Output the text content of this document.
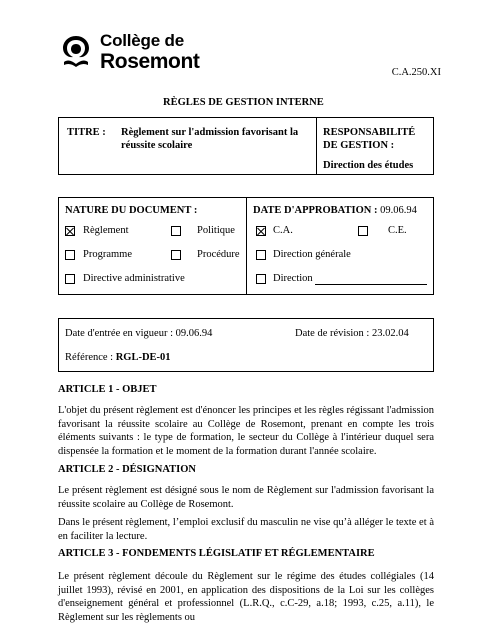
Collège de
Rosemont	C.A.250.XI
RÈGLES DE GESTION INTERNE
TITRE : Règlement sur l'admission favorisant la
réussite scolaire
RESPONSABILITÉ
DE GESTION :
Direction des études
NATURE DU DOCUMENT :
Règlement	Politique
Programme	Procédure
Directive administrative
DATE D'APPROBATION : 09.06.94
C.A.	C.E.
Direction générale
Direction
Date d'entrée en vigueur : 09.06.94	Date de révision : 23.02.04
Référence : RGL-DE-01
ARTICLE 1 - OBJET
L'objet du présent règlement est d'énoncer les principes et les règles régissant l'admission favorisant la réussite scolaire au Collège de Rosemont, prenant en compte les trois éléments suivants : le type de formation, le secteur du Collège à l'intérieur duquel sera dispensée la formation et le moment de la formation durant l'année scolaire.
ARTICLE 2 - DÉSIGNATION
Le présent règlement est désigné sous le nom de Règlement sur l'admission favorisant la réussite scolaire au Collège de Rosemont.
Dans le présent règlement, l’emploi exclusif du masculin ne vise qu’à alléger le texte et à en faciliter la lecture.
ARTICLE 3 - FONDEMENTS LÉGISLATIF ET RÉGLEMENTAIRE
Le présent règlement découle du Règlement sur le régime des études collégiales (14 juillet 1993), révisé en 2001, en application des dispositions de la Loi sur les collèges d'enseignement général et professionnel (L.R.Q., c.C-29, a.18; 1993, c.25, a.11), le Règlement sur les règlements ou
